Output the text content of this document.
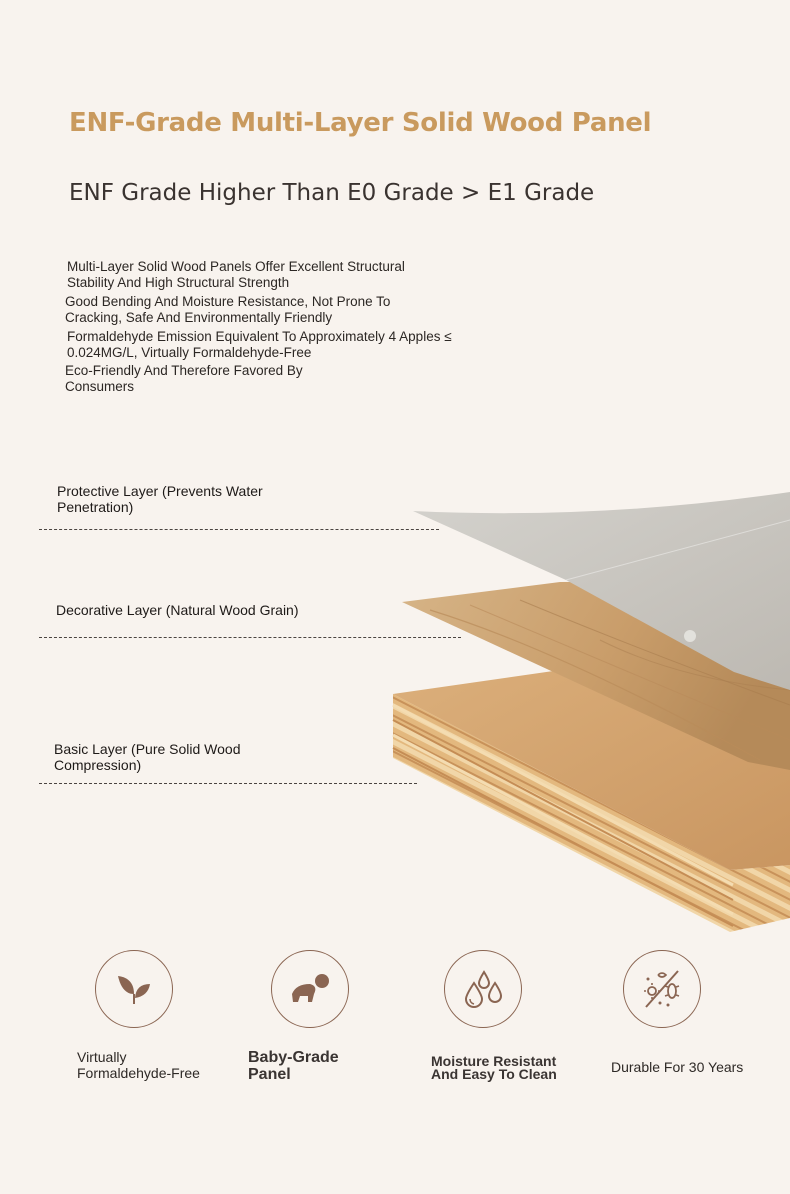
ENF-Grade Multi-Layer Solid Wood Panel
ENF Grade Higher Than E0 Grade > E1 Grade
Multi-Layer Solid Wood Panels Offer Excellent Structural
Stability And High Structural Strength
Good Bending And Moisture Resistance, Not Prone To
Cracking, Safe And Environmentally Friendly
Formaldehyde Emission Equivalent To Approximately 4 Apples ≤
0.024MG/L, Virtually Formaldehyde-Free
Eco-Friendly And Therefore Favored By
Consumers
Protective Layer (Prevents Water
Penetration)
Decorative Layer (Natural Wood Grain)
Basic Layer (Pure Solid Wood
Compression)
Virtually
Formaldehyde-Free
Baby-Grade
Panel
Moisture Resistant
And Easy To Clean	Durable For 30 Years
